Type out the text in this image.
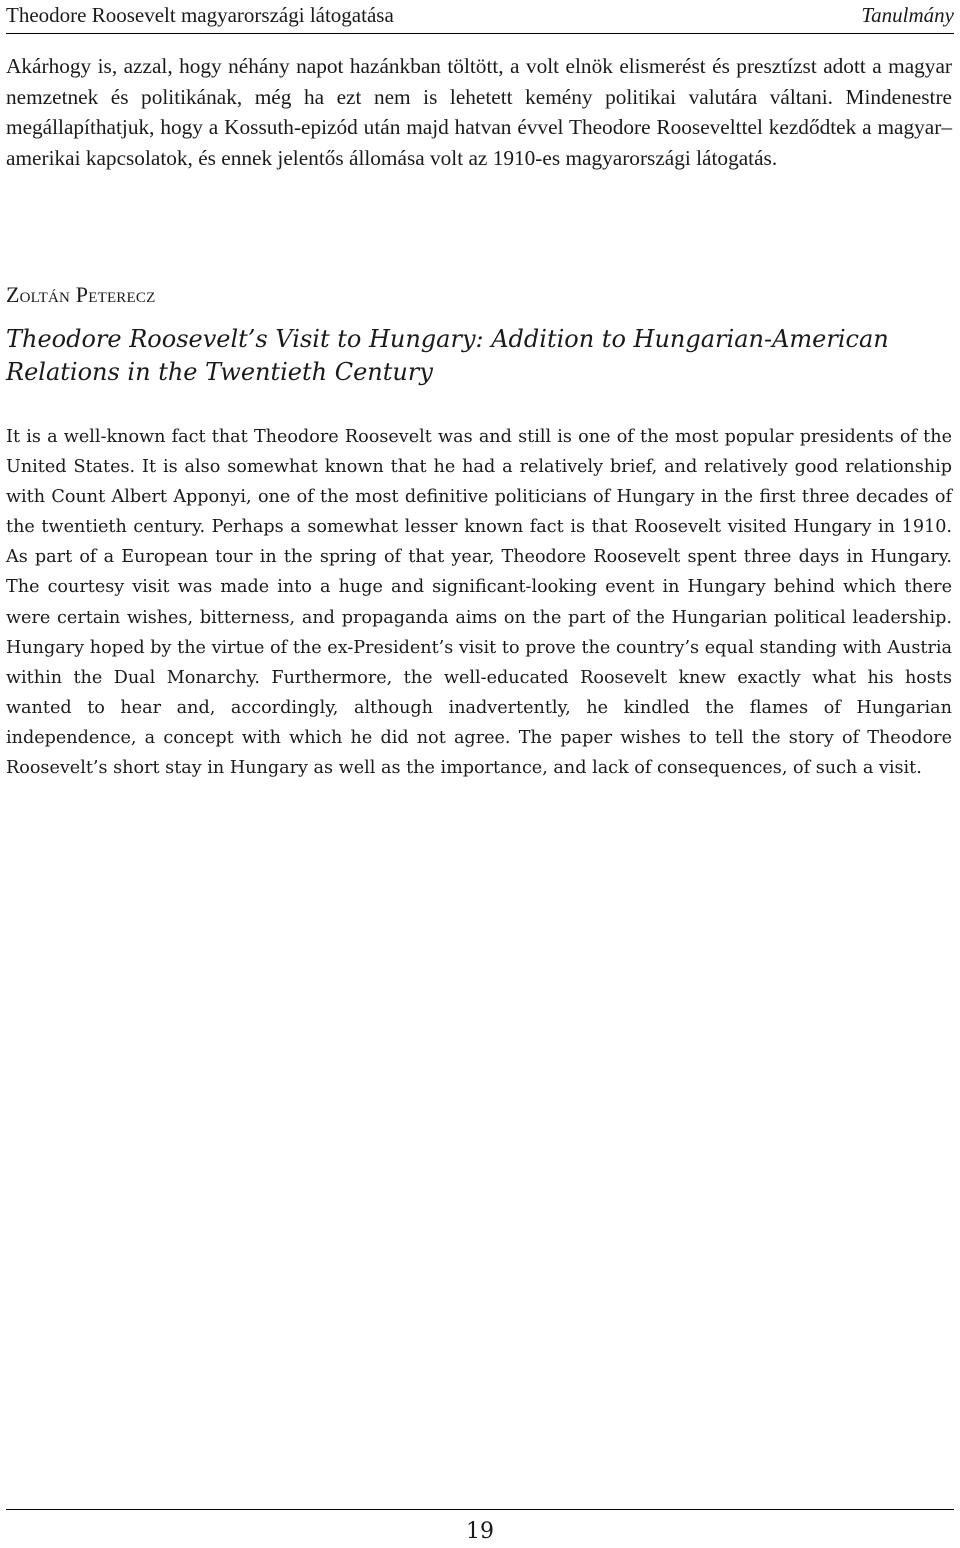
Theodore Roosevelt magyarországi látogatása	Tanulmány

Akárhogy is, azzal, hogy néhány napot hazánkban töltött, a volt elnök elismerést és presztízst adott a magyar nemzetnek és politikának, még ha ezt nem is lehetett kemény politikai valutára váltani. Mindenestre megállapíthatjuk, hogy a Kossuth-epizód után majd hatvan évvel Theodore Roosevelttel kezdődtek a magyar–amerikai kapcsolatok, és ennek jelentős állomása volt az 1910-es magyarországi látogatás.

Zoltán Peterecz

Theodore Roosevelt’s Visit to Hungary: Addition to Hungarian-American Relations in the Twentieth Century

It is a well-known fact that Theodore Roosevelt was and still is one of the most popular presidents of the United States. It is also somewhat known that he had a relatively brief, and relatively good relationship with Count Albert Apponyi, one of the most definitive politicians of Hungary in the first three decades of the twentieth century. Perhaps a somewhat lesser known fact is that Roosevelt visited Hungary in 1910. As part of a European tour in the spring of that year, Theodore Roosevelt spent three days in Hungary. The courtesy visit was made into a huge and significant-looking event in Hungary behind which there were certain wishes, bitterness, and propaganda aims on the part of the Hungarian political leadership. Hungary hoped by the virtue of the ex-President’s visit to prove the country’s equal standing with Austria within the Dual Monarchy. Furthermore, the well-educated Roosevelt knew exactly what his hosts wanted to hear and, accordingly, although inadvertently, he kindled the flames of Hungarian independence, a concept with which he did not agree. The paper wishes to tell the story of Theodore Roosevelt’s short stay in Hungary as well as the importance, and lack of consequences, of such a visit.

19
